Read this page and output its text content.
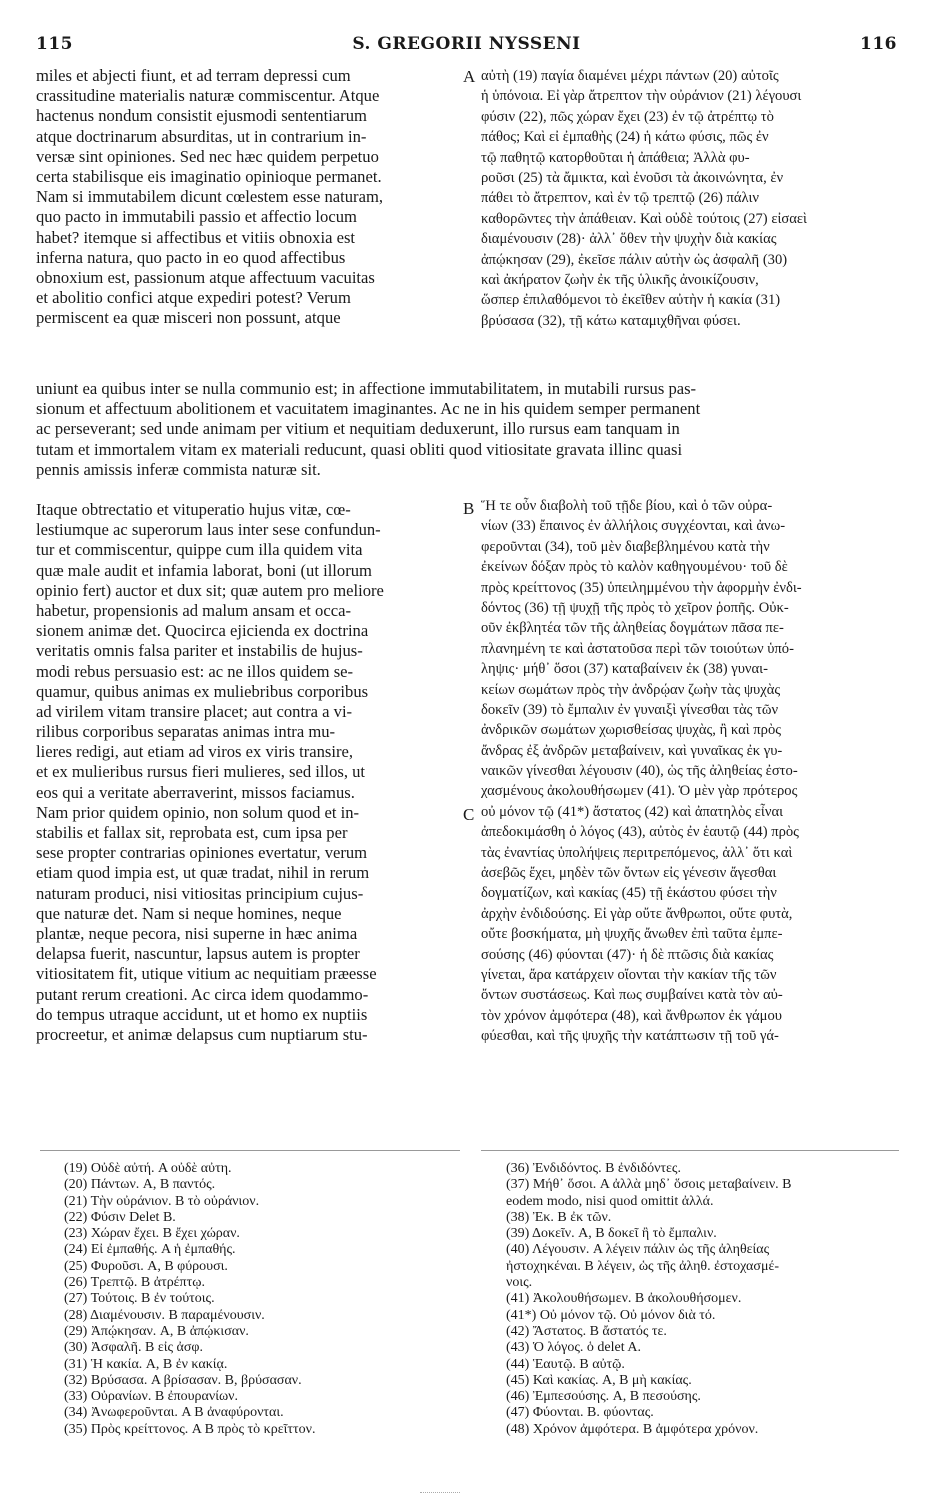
115	S. GREGORII NYSSENI	116
miles et abjecti fiunt, et ad terram depressi cum
crassitudine materialis naturæ commiscentur. Atque
hactenus nondum consistit ejusmodi sententiarum
atque doctrinarum absurditas, ut in contrarium in-
versæ sint opiniones. Sed nec hæc quidem perpetuo
certa stabilisque eis imaginatio opinioque permanet.
Nam si immutabilem dicunt cœlestem esse naturam,
quo pacto in immutabili passio et affectio locum
habet? itemque si affectibus et vitiis obnoxia est
inferna natura, quo pacto in eo quod affectibus
obnoxium est, passionum atque affectuum vacuitas
et abolitio confici atque expediri potest? Verum
permiscent ea quæ misceri non possunt, atque
A αὐτὴ (19) παγία διαμένει μέχρι πάντων (20) αὐτοῖς
ἡ ὑπόνοια. Εἰ γὰρ ἄτρεπτον τὴν οὐράνιον (21) λέγουσι
φύσιν (22), πῶς χώραν ἔχει (23) ἐν τῷ ἀτρέπτῳ τὸ
πάθος; Καὶ εἰ ἐμπαθὴς (24) ἡ κάτω φύσις, πῶς ἐν
τῷ παθητῷ κατορθοῦται ἡ ἀπάθεια; Ἀλλὰ φυ-
ροῦσι (25) τὰ ἄμικτα, καὶ ἑνοῦσι τὰ ἀκοινώνητα, ἐν
πάθει τὸ ἄτρεπτον, καὶ ἐν τῷ τρεπτῷ (26) πάλιν
καθορῶντες τὴν ἀπάθειαν. Καὶ οὐδὲ τούτοις (27) εἰσαεὶ
διαμένουσιν (28)· ἀλλ᾽ ὅθεν τὴν ψυχὴν διὰ κακίας
ἀπῴκησαν (29), ἐκεῖσε πάλιν αὐτὴν ὡς ἀσφαλῆ (30)
καὶ ἀκήρατον ζωὴν ἐκ τῆς ὑλικῆς ἀνοικίζουσιν,
ὥσπερ ἐπιλαθόμενοι τὸ ἐκεῖθεν αὐτὴν ἡ κακία (31)
βρύσασα (32), τῇ κάτω καταμιχθῆναι φύσει.
uniunt ea quibus inter se nulla communio est; in affectione immutabilitatem, in mutabili rursus pas-
sionum et affectuum abolitionem et vacuitatem imaginantes. Ac ne in his quidem semper permanent
ac perseverant; sed unde animam per vitium et nequitiam deduxerunt, illo rursus eam tanquam in
tutam et immortalem vitam ex materiali reducunt, quasi obliti quod vitiositate gravata illinc quasi
pennis amissis inferæ commista naturæ sit.
Itaque obtrectatio et vituperatio hujus vitæ, cœ-
lestiumque ac superorum laus inter sese confundun-
tur et commiscentur, quippe cum illa quidem vita
quæ male audit et infamia laborat, boni (ut illorum
opinio fert) auctor et dux sit; quæ autem pro meliore
habetur, propensionis ad malum ansam et occa-
sionem animæ det. Quocirca ejicienda ex doctrina
veritatis omnis falsa pariter et instabilis de hujus-
modi rebus persuasio est: ac ne illos quidem se-
quamur, quibus animas ex muliebribus corporibus
ad virilem vitam transire placet; aut contra a vi-
rilibus corporibus separatas animas intra mu-
lieres redigi, aut etiam ad viros ex viris transire,
et ex mulieribus rursus fieri mulieres, sed illos, ut
eos qui a veritate aberraverint, missos faciamus.
Nam prior quidem opinio, non solum quod et in-
stabilis et fallax sit, reprobata est, cum ipsa per
sese propter contrarias opiniones evertatur, verum
etiam quod impia est, ut quæ tradat, nihil in rerum
naturam produci, nisi vitiositas principium cujus-
que naturæ det. Nam si neque homines, neque
plantæ, neque pecora, nisi superne in hæc anima
delapsa fuerit, nascuntur, lapsus autem is propter
vitiositatem fit, utique vitium ac nequitiam præesse
putant rerum creationi. Ac circa idem quodammo-
do tempus utraque accidunt, ut et homo ex nuptiis
procreetur, et animæ delapsus cum nuptiarum stu-
B
C
Ἥ τε οὖν διαβολὴ τοῦ τῇδε βίου, καὶ ὁ τῶν οὐρα-
νίων (33) ἔπαινος ἐν ἀλλήλοις συγχέονται, καὶ ἀνω-
φεροῦνται (34), τοῦ μὲν διαβεβλημένου κατὰ τὴν
ἐκείνων δόξαν πρὸς τὸ καλὸν καθηγουμένου· τοῦ δὲ
πρὸς κρείττονος (35) ὑπειλημμένου τὴν ἀφορμὴν ἐνδι-
δόντος (36) τῇ ψυχῇ τῆς πρὸς τὸ χεῖρον ῥοπῆς. Οὐκ-
οῦν ἐκβλητέα τῶν τῆς ἀληθείας δογμάτων πᾶσα πε-
πλανημένη τε καὶ ἀστατοῦσα περὶ τῶν τοιούτων ὑπό-
ληψις· μήθ᾽ ὅσοι (37) καταβαίνειν ἐκ (38) γυναι-
κείων σωμάτων πρὸς τὴν ἀνδρῴαν ζωὴν τὰς ψυχὰς
δοκεῖν (39) τὸ ἔμπαλιν ἐν γυναιξὶ γίνεσθαι τὰς τῶν
ἀνδρικῶν σωμάτων χωρισθείσας ψυχὰς, ἢ καὶ πρὸς
ἄνδρας ἐξ ἀνδρῶν μεταβαίνειν, καὶ γυναῖκας ἐκ γυ-
ναικῶν γίνεσθαι λέγουσιν (40), ὡς τῆς ἀληθείας ἐστο-
χασμένους ἀκολουθήσωμεν (41). Ὁ μὲν γὰρ πρότερος
οὐ μόνον τῷ (41*) ἄστατος (42) καὶ ἀπατηλὸς εἶναι
ἀπεδοκιμάσθη ὁ λόγος (43), αὐτὸς ἐν ἑαυτῷ (44) πρὸς
τὰς ἐναντίας ὑπολήψεις περιτρεπόμενος, ἀλλ᾽ ὅτι καὶ
ἀσεβῶς ἔχει, μηδὲν τῶν ὄντων εἰς γένεσιν ἄγεσθαι
δογματίζων, καὶ κακίας (45) τῇ ἑκάστου φύσει τὴν
ἀρχὴν ἐνδιδούσης. Εἰ γὰρ οὔτε ἄνθρωποι, οὔτε φυτὰ,
οὔτε βοσκήματα, μὴ ψυχῆς ἄνωθεν ἐπὶ ταῦτα ἐμπε-
σούσης (46) φύονται (47)· ἡ δὲ πτῶσις διὰ κακίας
γίνεται, ἄρα κατάρχειν οἴονται τὴν κακίαν τῆς τῶν
ὄντων συστάσεως. Καὶ πως συμβαίνει κατὰ τὸν αὐ-
τὸν χρόνον ἀμφότερα (48), καὶ ἄνθρωπον ἐκ γάμου
φύεσθαι, καὶ τῆς ψυχῆς τὴν κατάπτωσιν τῇ τοῦ γά-
(19) Οὐδὲ αὐτή. A οὐδὲ αὐτη.
(20) Πάντων. A, B παντός.
(21) Τὴν οὐράνιον. B τὸ οὐράνιον.
(22) Φύσιν Delet B.
(23) Χώραν ἔχει. B ἔχει χώραν.
(24) Εἰ ἐμπαθής. A ἡ ἐμπαθής.
(25) Φυροῦσι. A, B φύρουσι.
(26) Τρεπτῷ. B ἀτρέπτῳ.
(27) Τούτοις. B ἐν τούτοις.
(28) Διαμένουσιν. B παραμένουσιν.
(29) Ἀπῴκησαν. A, B ἀπῴκισαν.
(30) Ἀσφαλῆ. B εἰς ἀσφ.
(31) Ἡ κακία. A, B ἐν κακίᾳ.
(32) Βρύσασα. A βρίσασαν. B, βρύσασαν.
(33) Οὐρανίων. B ἐπουρανίων.
(34) Ἀνωφεροῦνται. A B ἀναφύρονται.
(35) Πρὸς κρείττονος. A B πρὸς τὸ κρεῖττον.
(36) Ἐνδιδόντος. B ἐνδιδόντες.
(37) Μήθ᾽ ὅσοι. A ἀλλὰ μηδ᾽ ὅσοις μεταβαίνειν. B
eodem modo, nisi quod omittit ἀλλά.
(38) Ἐκ. B ἐκ τῶν.
(39) Δοκεῖν. A, B δοκεῖ ἢ τὸ ἔμπαλιν.
(40) Λέγουσιν. A λέγειν πάλιν ὡς τῆς ἀληθείας
ἠστοχηκέναι. B λέγειν, ὡς τῆς ἀληθ. ἐστοχασμέ-
νοις.
(41) Ἀκολουθήσωμεν. B ἀκολουθήσομεν.
(41*) Οὐ μόνον τῷ. Οὐ μόνον διὰ τό.
(42) Ἄστατος. B ἄστατός τε.
(43) Ὁ λόγος. ὁ delet A.
(44) Ἑαυτῷ. B αὐτῷ.
(45) Καὶ κακίας. A, B μὴ κακίας.
(46) Ἐμπεσούσης. A, B πεσούσης.
(47) Φύονται. B. φύοντας.
(48) Χρόνον ἀμφότερα. B ἀμφότερα χρόνον.
